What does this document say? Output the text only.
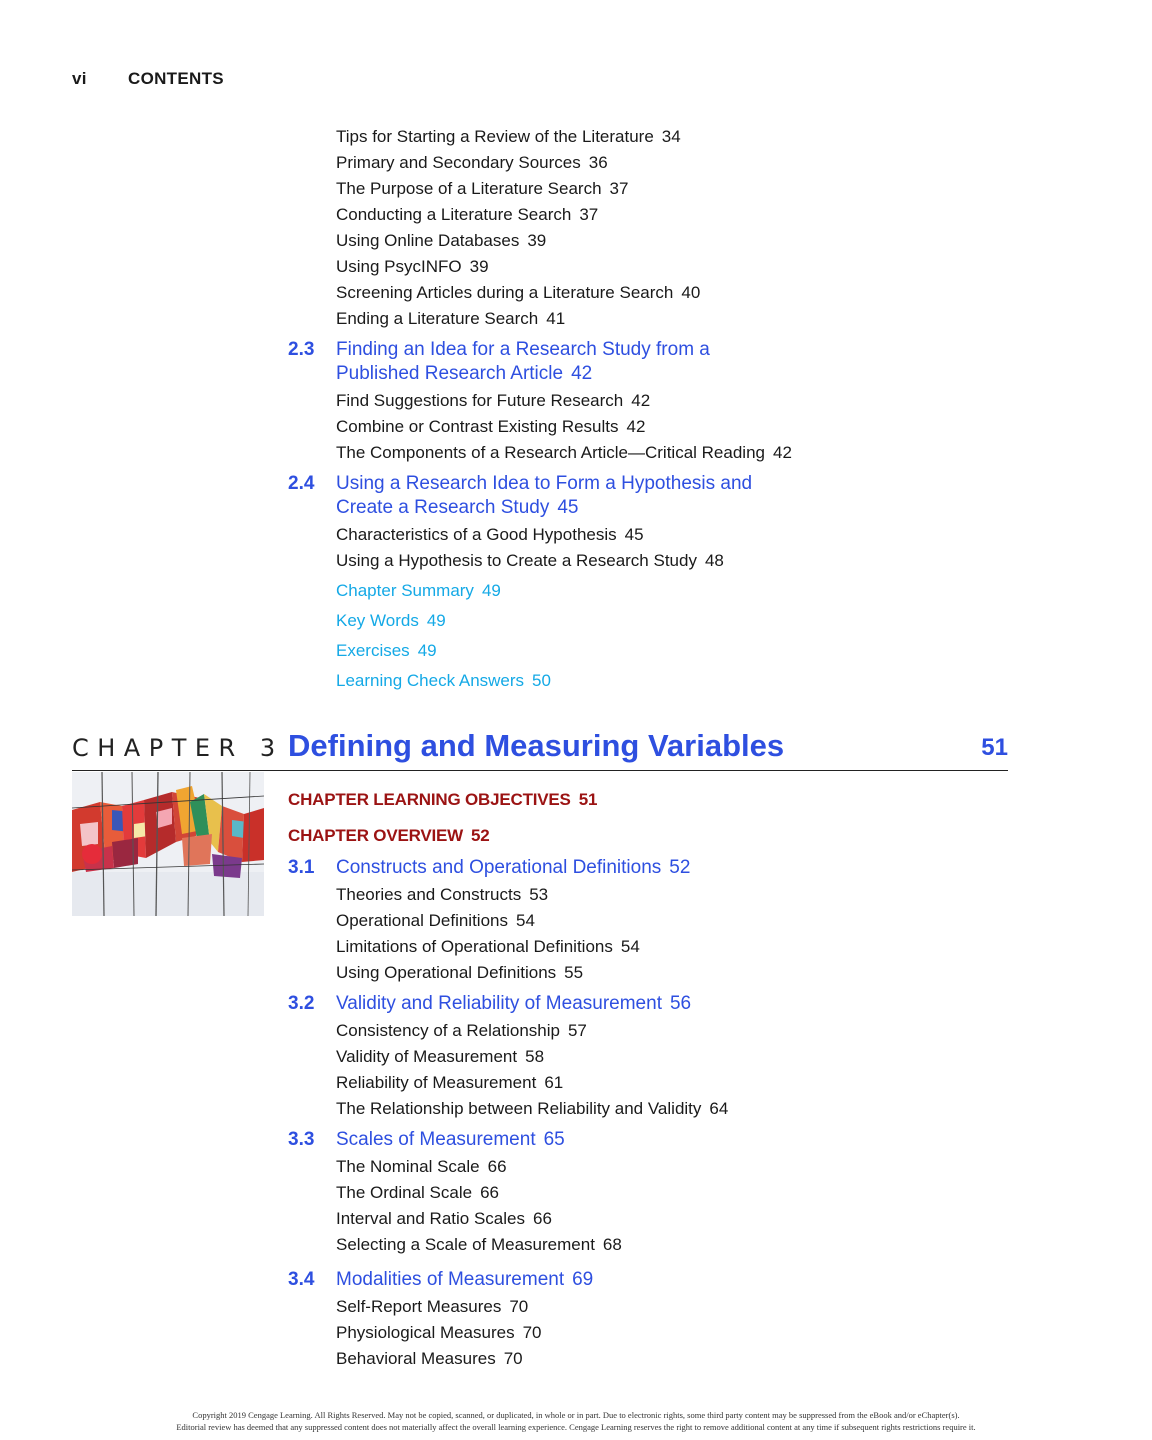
vi CONTENTS
Tips for Starting a Review of the Literature 34
Primary and Secondary Sources 36
The Purpose of a Literature Search 37
Conducting a Literature Search 37
Using Online Databases 39
Using PsycINFO 39
Screening Articles during a Literature Search 40
Ending a Literature Search 41
2.3 Finding an Idea for a Research Study from a
Published Research Article 42
Find Suggestions for Future Research 42
Combine or Contrast Existing Results 42
The Components of a Research Article—Critical Reading 42
2.4 Using a Research Idea to Form a Hypothesis and
Create a Research Study 45
Characteristics of a Good Hypothesis 45
Using a Hypothesis to Create a Research Study 48
Chapter Summary 49
Key Words 49
Exercises 49
Learning Check Answers 50
CHAPTER 3 Defining and Measuring Variables	51
CHAPTER LEARNING OBJECTIVES 51
CHAPTER OVERVIEW 52
3.1 Constructs and Operational Definitions 52
Theories and Constructs 53
Operational Definitions 54
Limitations of Operational Definitions 54
Using Operational Definitions 55
3.2 Validity and Reliability of Measurement 56
Consistency of a Relationship 57
Validity of Measurement 58
Reliability of Measurement 61
The Relationship between Reliability and Validity 64
3.3 Scales of Measurement 65
The Nominal Scale 66
The Ordinal Scale 66
Interval and Ratio Scales 66
Selecting a Scale of Measurement 68
3.4 Modalities of Measurement 69
Self-Report Measures 70
Physiological Measures 70
Behavioral Measures 70
Copyright 2019 Cengage Learning. All Rights Reserved. May not be copied, scanned, or duplicated, in whole or in part. Due to electronic rights, some third party content may be suppressed from the eBook and/or eChapter(s).
Editorial review has deemed that any suppressed content does not materially affect the overall learning experience. Cengage Learning reserves the right to remove additional content at any time if subsequent rights restrictions require it.
